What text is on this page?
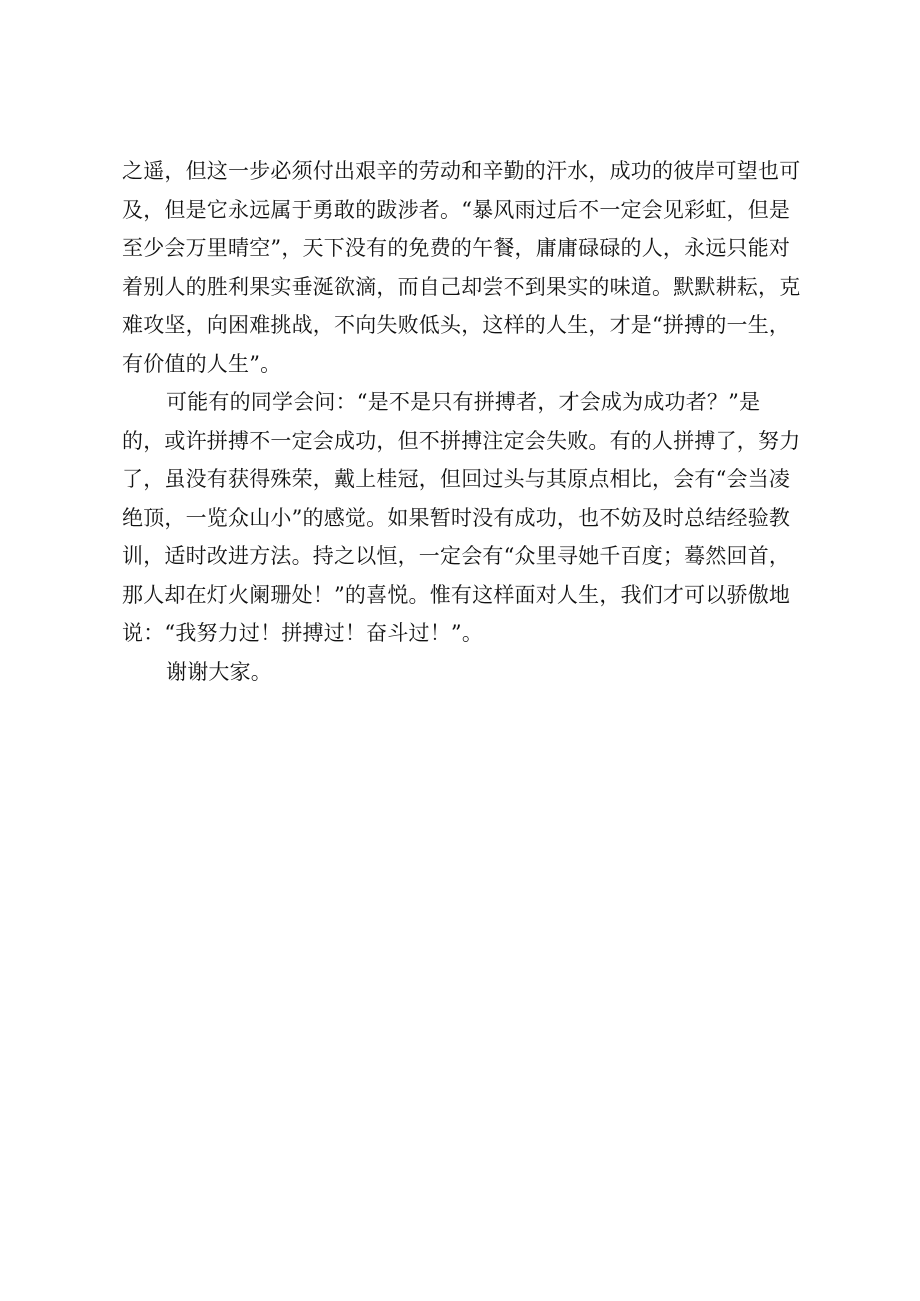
之遥，但这一步必须付出艰辛的劳动和辛勤的汗水，成功的彼岸可望也可
及，但是它永远属于勇敢的跋涉者。“暴风雨过后不一定会见彩虹，但是
至少会万里晴空”，天下没有的免费的午餐，庸庸碌碌的人，永远只能对
着别人的胜利果实垂涎欲滴，而自己却尝不到果实的味道。默默耕耘，克
难攻坚，向困难挑战，不向失败低头，这样的人生，才是“拼搏的一生，
有价值的人生”。
可能有的同学会问：“是不是只有拼搏者，才会成为成功者？”是
的，或许拼搏不一定会成功，但不拼搏注定会失败。有的人拼搏了，努力
了，虽没有获得殊荣，戴上桂冠，但回过头与其原点相比，会有“会当凌
绝顶，一览众山小”的感觉。如果暂时没有成功，也不妨及时总结经验教
训，适时改进方法。持之以恒，一定会有“众里寻她千百度；蓦然回首，
那人却在灯火阑珊处！”的喜悦。惟有这样面对人生，我们才可以骄傲地
说：“我努力过！拼搏过！奋斗过！”。
谢谢大家。
